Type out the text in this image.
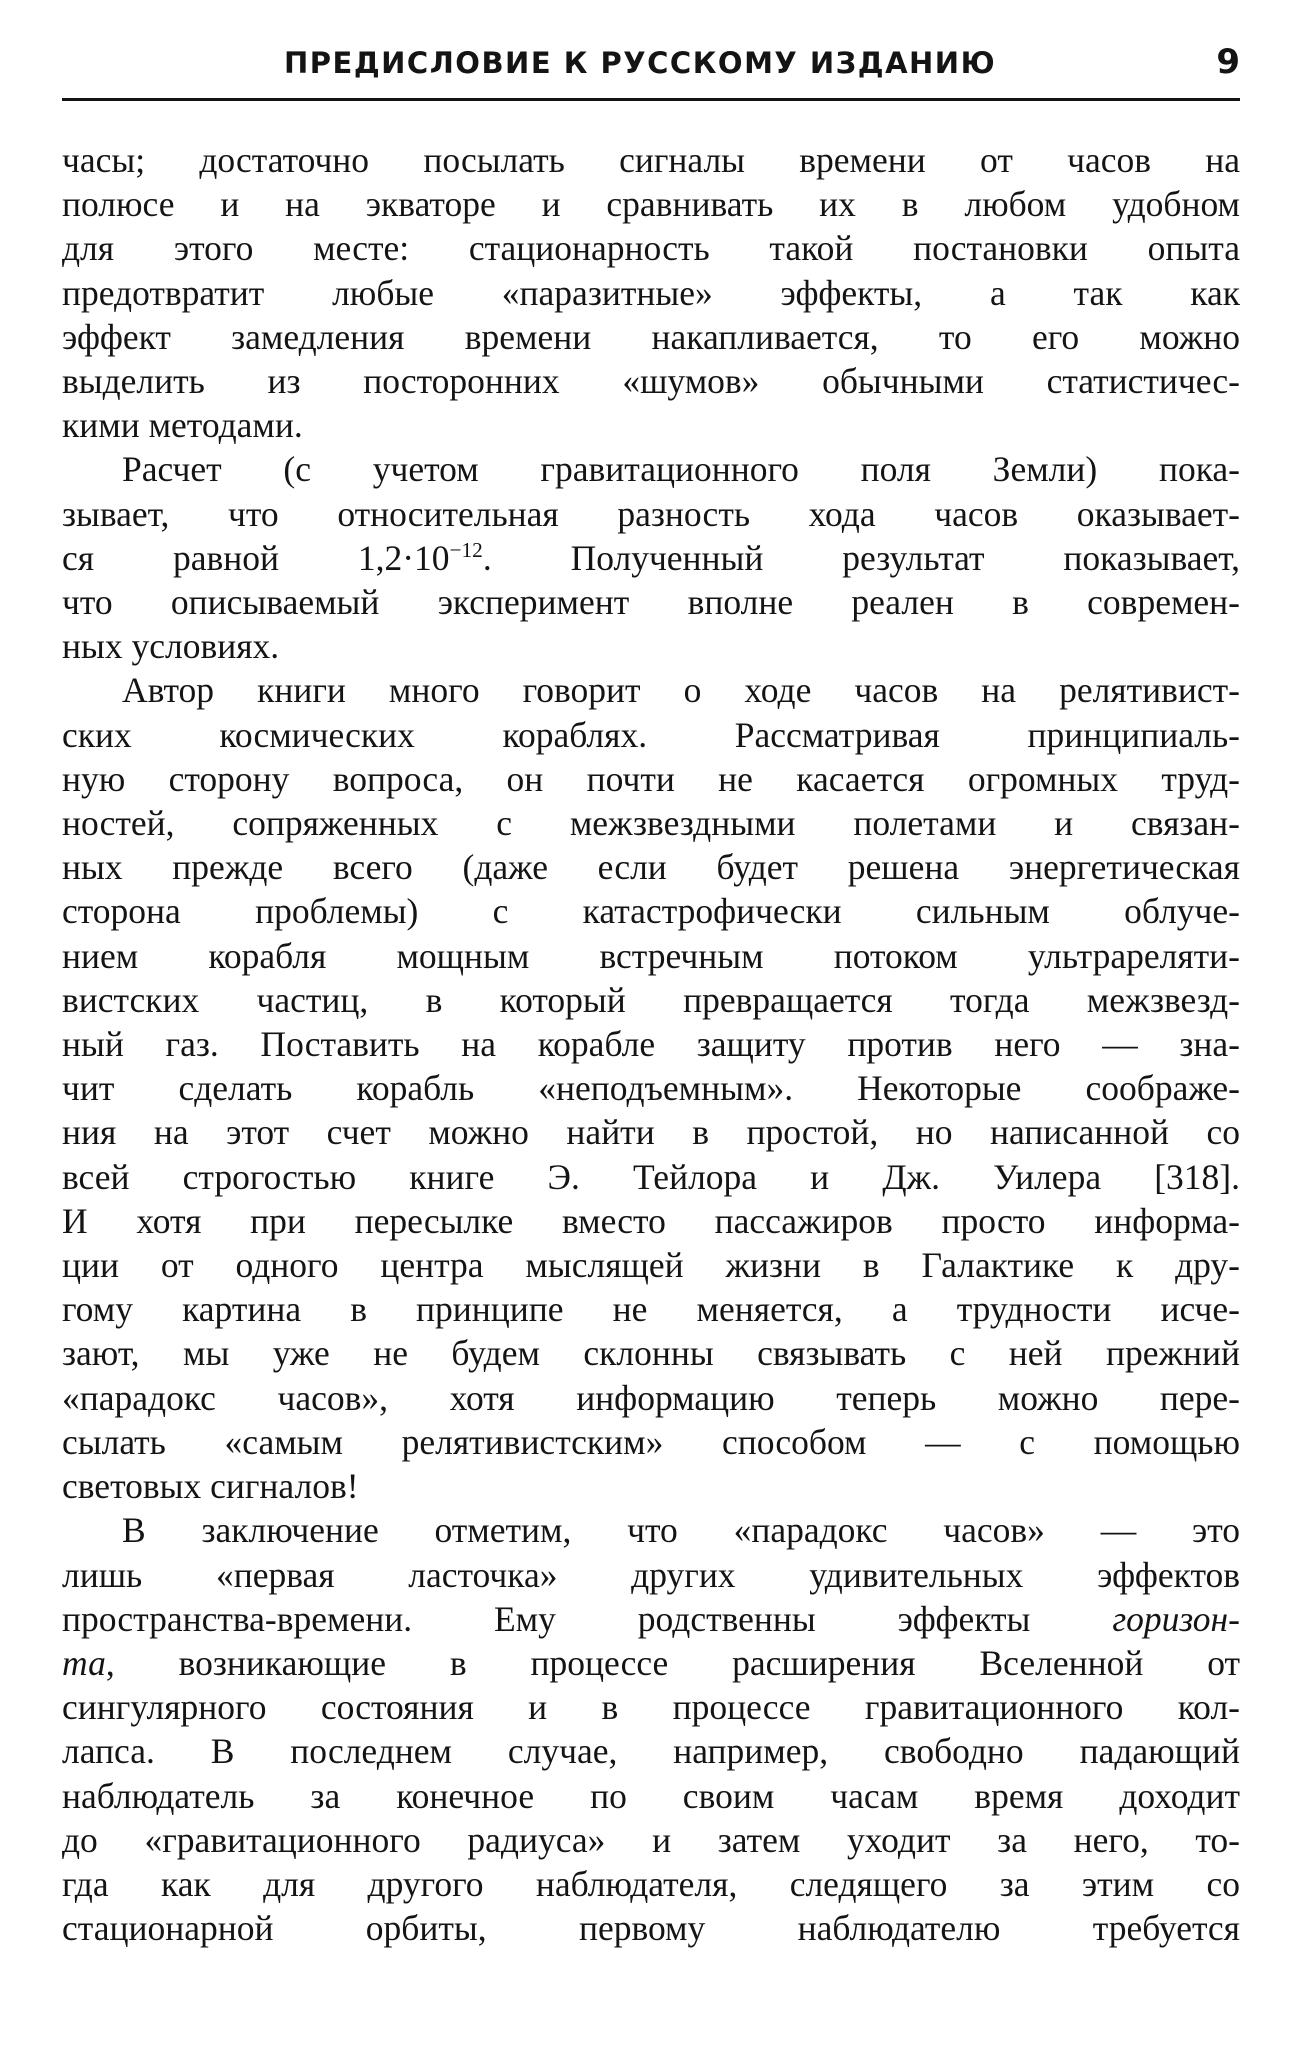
ПРЕДИСЛОВИЕ К РУССКОМУ ИЗДАНИЮ	9

часы; достаточно посылать сигналы времени от часов на

полюсе и на экваторе и сравнивать их в любом удобном

для этого месте: стационарность такой постановки опыта

предотвратит любые «паразитные» эффекты, а так как

эффект замедления времени накапливается, то его можно

выделить из посторонних «шумов» обычными статистичес-

кими методами.

Расчет (с учетом гравитационного поля Земли) пока-

зывает, что относительная разность хода часов оказывает-

ся равной $1,2\cdot 10^{-12}$. Полученный результат показывает,

что описываемый эксперимент вполне реален в современ-

ных условиях.

Автор книги много говорит о ходе часов на релятивист-

ских космических кораблях. Рассматривая принципиаль-

ную сторону вопроса, он почти не касается огромных труд-

ностей, сопряженных с межзвездными полетами и связан-

ных прежде всего (даже если будет решена энергетическая

сторона проблемы) с катастрофически сильным облуче-

нием корабля мощным встречным потоком ультрареляти-

вистских частиц, в который превращается тогда межзвезд-

ный газ. Поставить на корабле защиту против него — зна-

чит сделать корабль «неподъемным». Некоторые соображе-

ния на этот счет можно найти в простой, но написанной со

всей строгостью книге Э. Тейлора и Дж. Уилера [318].

И хотя при пересылке вместо пассажиров просто информа-

ции от одного центра мыслящей жизни в Галактике к дру-

гому картина в принципе не меняется, а трудности исче-

зают, мы уже не будем склонны связывать с ней прежний

«парадокс часов», хотя информацию теперь можно пере-

сылать «самым релятивистским» способом — с помощью

световых сигналов!

В заключение отметим, что «парадокс часов» — это

лишь «первая ласточка» других удивительных эффектов

пространства-времени. Ему родственны эффекты горизон-

та, возникающие в процессе расширения Вселенной от

сингулярного состояния и в процессе гравитационного кол-

лапса. В последнем случае, например, свободно падающий

наблюдатель за конечное по своим часам время доходит

до «гравитационного радиуса» и затем уходит за него, то-

гда как для другого наблюдателя, следящего за этим со

стационарной орбиты, первому наблюдателю требуется
